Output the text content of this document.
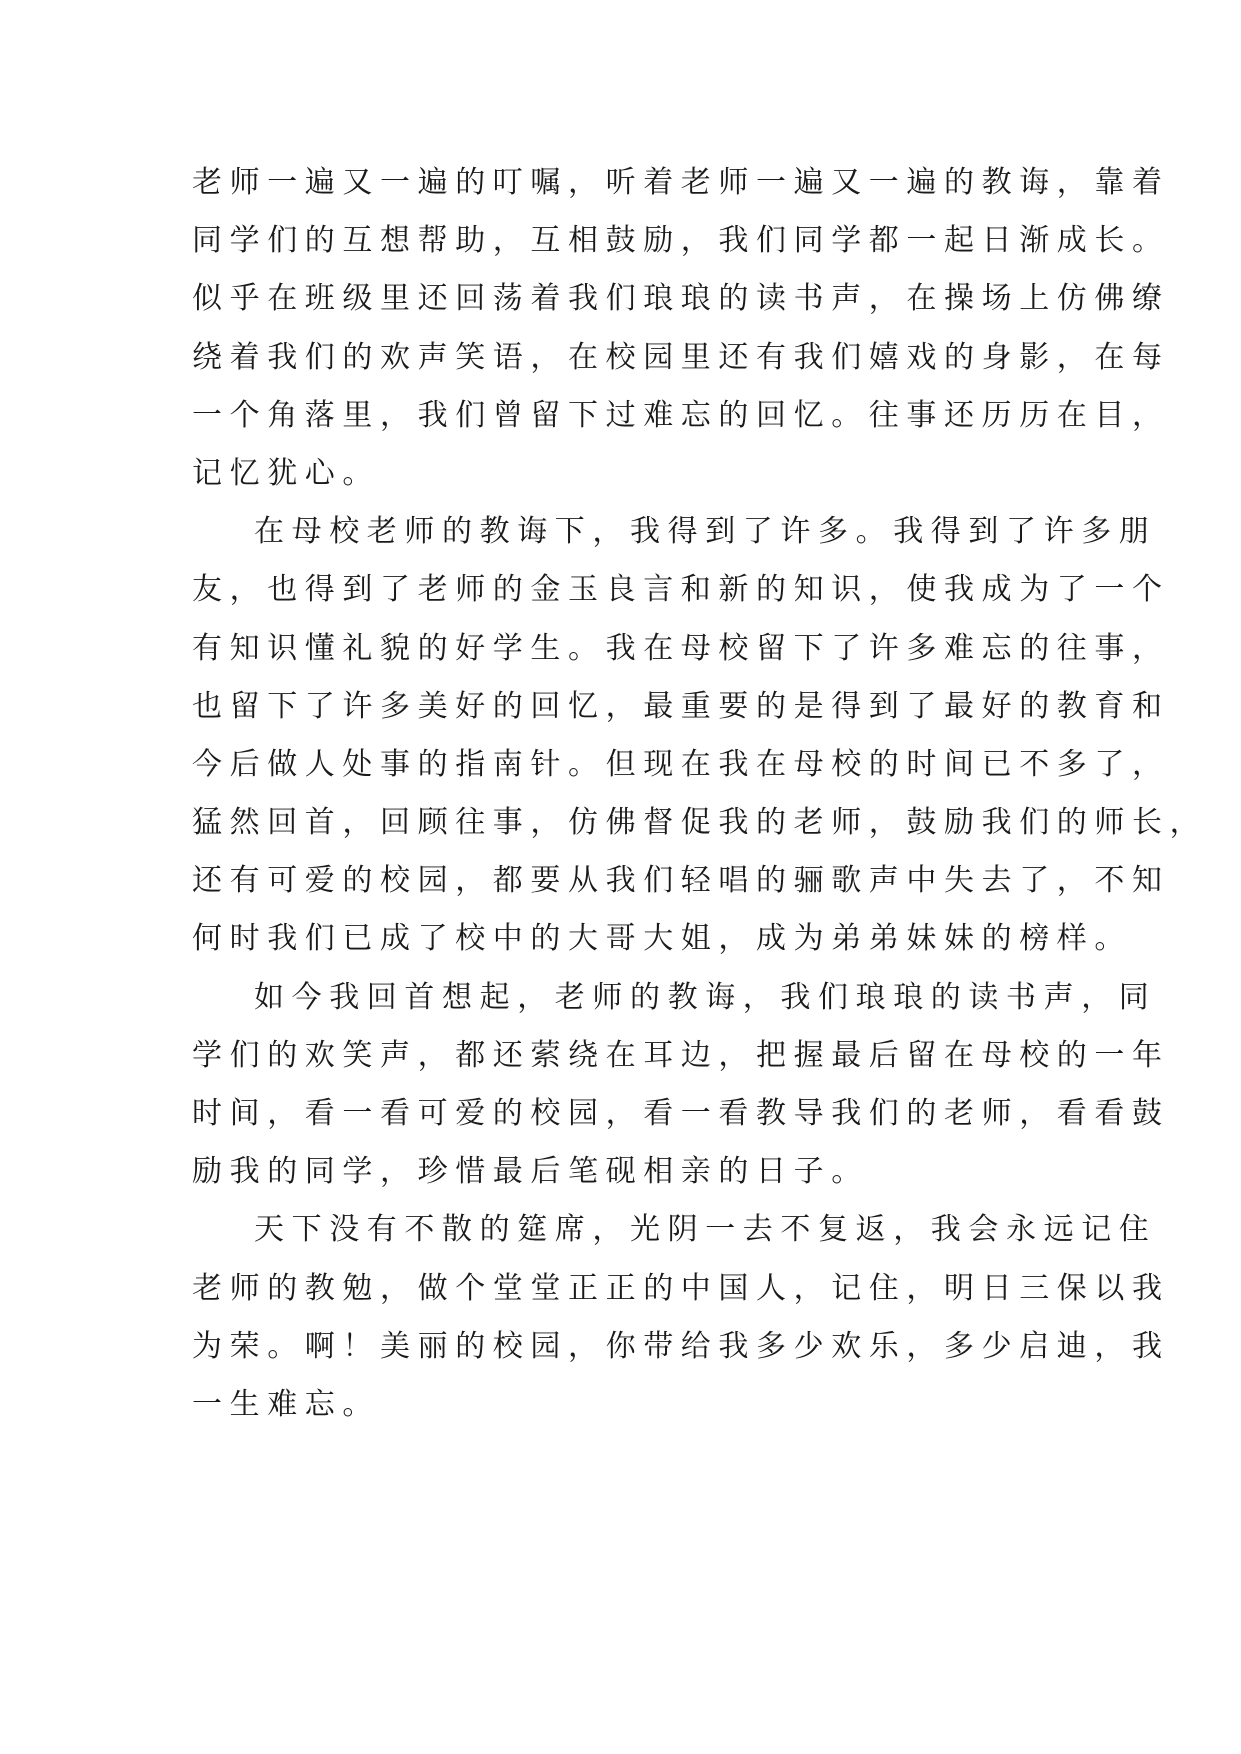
老师一遍又一遍的叮嘱，听着老师一遍又一遍的教诲，靠着
同学们的互想帮助，互相鼓励，我们同学都一起日渐成长。
似乎在班级里还回荡着我们琅琅的读书声，在操场上仿佛缭
绕着我们的欢声笑语，在校园里还有我们嬉戏的身影，在每
一个角落里，我们曾留下过难忘的回忆。往事还历历在目，
记忆犹心。
在母校老师的教诲下，我得到了许多。我得到了许多朋
友，也得到了老师的金玉良言和新的知识，使我成为了一个
有知识懂礼貌的好学生。我在母校留下了许多难忘的往事，
也留下了许多美好的回忆，最重要的是得到了最好的教育和
今后做人处事的指南针。但现在我在母校的时间已不多了，
猛然回首，回顾往事，仿佛督促我的老师，鼓励我们的师长，
还有可爱的校园，都要从我们轻唱的骊歌声中失去了，不知
何时我们已成了校中的大哥大姐，成为弟弟妹妹的榜样。
如今我回首想起，老师的教诲，我们琅琅的读书声，同
学们的欢笑声，都还萦绕在耳边，把握最后留在母校的一年
时间，看一看可爱的校园，看一看教导我们的老师，看看鼓
励我的同学，珍惜最后笔砚相亲的日子。
天下没有不散的筵席，光阴一去不复返，我会永远记住
老师的教勉，做个堂堂正正的中国人，记住，明日三保以我
为荣。啊！美丽的校园，你带给我多少欢乐，多少启迪，我
一生难忘。
